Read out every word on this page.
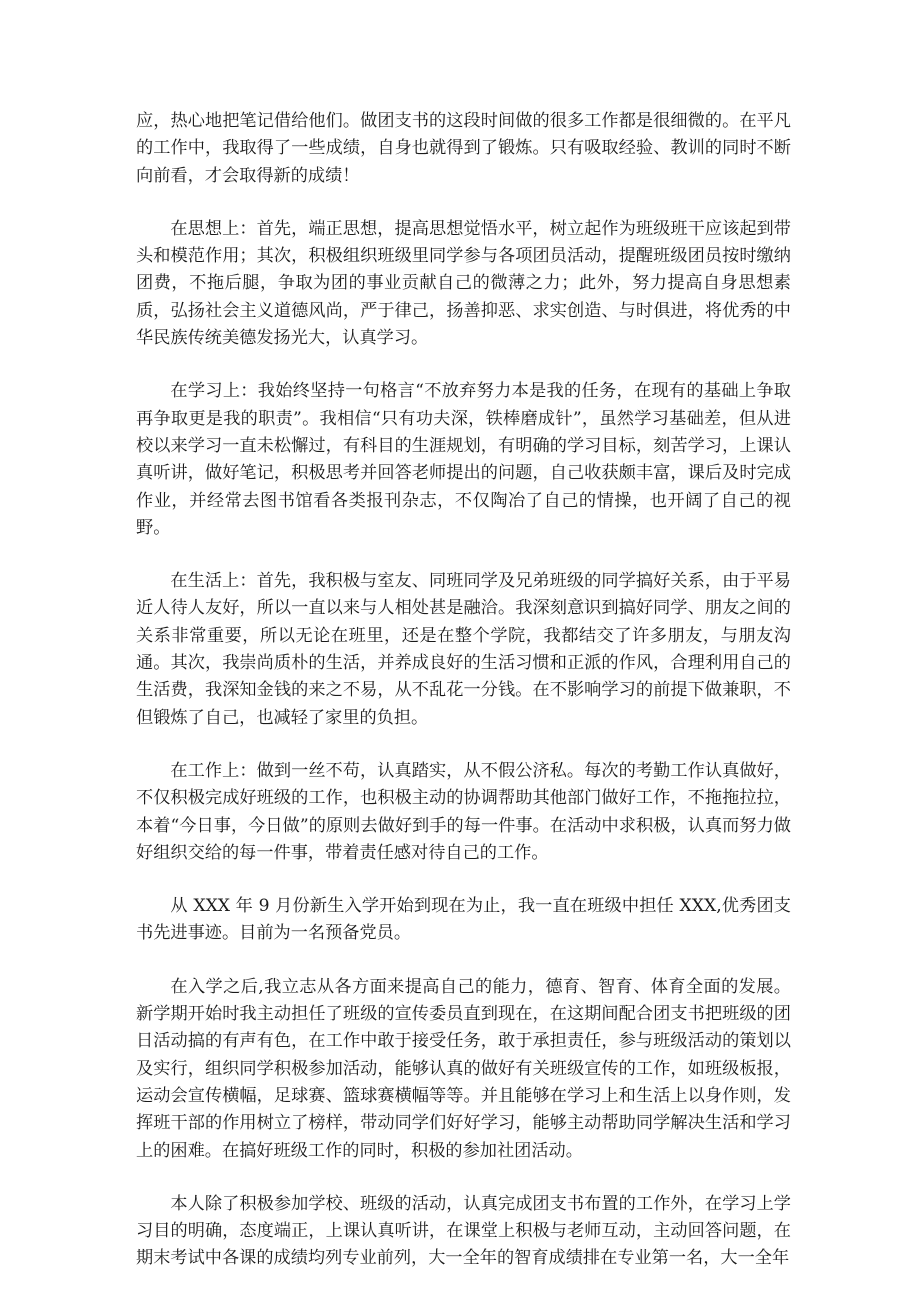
应，热心地把笔记借给他们。做团支书的这段时间做的很多工作都是很细微的。在平凡的工作中，我取得了一些成绩，自身也就得到了锻炼。只有吸取经验、教训的同时不断向前看，才会取得新的成绩！

在思想上：首先，端正思想，提高思想觉悟水平，树立起作为班级班干应该起到带头和模范作用；其次，积极组织班级里同学参与各项团员活动，提醒班级团员按时缴纳团费，不拖后腿，争取为团的事业贡献自己的微薄之力；此外，努力提高自身思想素质，弘扬社会主义道德风尚，严于律己，扬善抑恶、求实创造、与时俱进，将优秀的中华民族传统美德发扬光大，认真学习。

在学习上：我始终坚持一句格言“不放弃努力本是我的任务，在现有的基础上争取再争取更是我的职责”。我相信“只有功夫深，铁棒磨成针”，虽然学习基础差，但从进校以来学习一直未松懈过，有科目的生涯规划，有明确的学习目标，刻苦学习，上课认真听讲，做好笔记，积极思考并回答老师提出的问题，自己收获颇丰富，课后及时完成作业，并经常去图书馆看各类报刊杂志，不仅陶冶了自己的情操，也开阔了自己的视野。

在生活上：首先，我积极与室友、同班同学及兄弟班级的同学搞好关系，由于平易近人待人友好，所以一直以来与人相处甚是融洽。我深刻意识到搞好同学、朋友之间的关系非常重要，所以无论在班里，还是在整个学院，我都结交了许多朋友，与朋友沟通。其次，我崇尚质朴的生活，并养成良好的生活习惯和正派的作风，合理利用自己的生活费，我深知金钱的来之不易，从不乱花一分钱。在不影响学习的前提下做兼职，不但锻炼了自己，也减轻了家里的负担。

在工作上：做到一丝不苟，认真踏实，从不假公济私。每次的考勤工作认真做好，不仅积极完成好班级的工作，也积极主动的协调帮助其他部门做好工作，不拖拖拉拉，本着“今日事，今日做”的原则去做好到手的每一件事。在活动中求积极，认真而努力做好组织交给的每一件事，带着责任感对待自己的工作。

从 XXX 年 9 月份新生入学开始到现在为止，我一直在班级中担任 XXX,优秀团支书先进事迹。目前为一名预备党员。

在入学之后,我立志从各方面来提高自己的能力，德育、智育、体育全面的发展。新学期开始时我主动担任了班级的宣传委员直到现在，在这期间配合团支书把班级的团日活动搞的有声有色，在工作中敢于接受任务，敢于承担责任，参与班级活动的策划以及实行，组织同学积极参加活动，能够认真的做好有关班级宣传的工作，如班级板报，运动会宣传横幅，足球赛、篮球赛横幅等等。并且能够在学习上和生活上以身作则，发挥班干部的作用树立了榜样，带动同学们好好学习，能够主动帮助同学解决生活和学习上的困难。在搞好班级工作的同时，积极的参加社团活动。

本人除了积极参加学校、班级的活动，认真完成团支书布置的工作外，在学习上学习目的明确，态度端正，上课认真听讲，在课堂上积极与老师互动，主动回答问题，在期末考试中各课的成绩均列专业前列，大一全年的智育成绩排在专业第一名，大一全年
